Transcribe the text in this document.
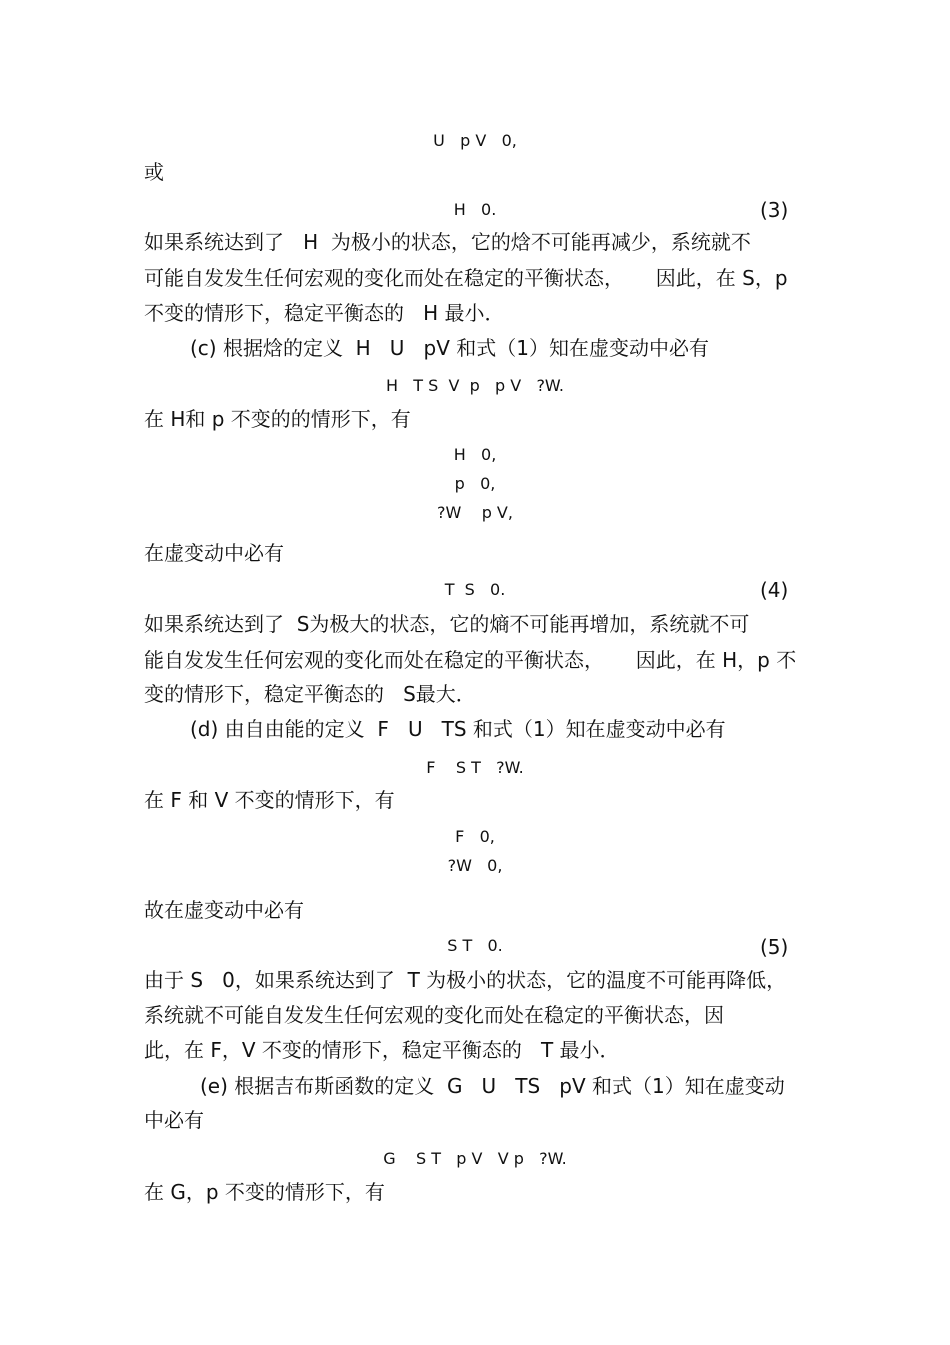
U   p V   0,
或
H   0.	(3)
如果系统达到了   H  为极小的状态，它的焓不可能再减少，系统就不
可能自发发生任何宏观的变化而处在稳定的平衡状态，     因此，在 S，p
不变的情形下，稳定平衡态的   H 最小．
(c) 根据焓的定义  H   U   pV 和式（1）知在虚变动中必有
H   T S  V  p   p V   ?W.
在 H和 p 不变的的情形下，有
H   0,
p   0,
?W    p V,
在虚变动中必有
T  S   0.	(4)
如果系统达到了  S为极大的状态，它的熵不可能再增加，系统就不可
能自发发生任何宏观的变化而处在稳定的平衡状态，     因此，在 H，p 不
变的情形下，稳定平衡态的   S最大．
(d) 由自由能的定义  F   U   TS 和式（1）知在虚变动中必有
F    S T   ?W.
在 F 和 V 不变的情形下，有
F   0,
?W   0,
故在虚变动中必有
S T   0.	(5)
由于 S   0，如果系统达到了  T 为极小的状态，它的温度不可能再降低，
系统就不可能自发发生任何宏观的变化而处在稳定的平衡状态，因
此，在 F，V 不变的情形下，稳定平衡态的   T 最小．
(e) 根据吉布斯函数的定义  G   U   TS   pV 和式（1）知在虚变动
中必有
G    S T   p V   V p   ?W.
在 G，p 不变的情形下，有
